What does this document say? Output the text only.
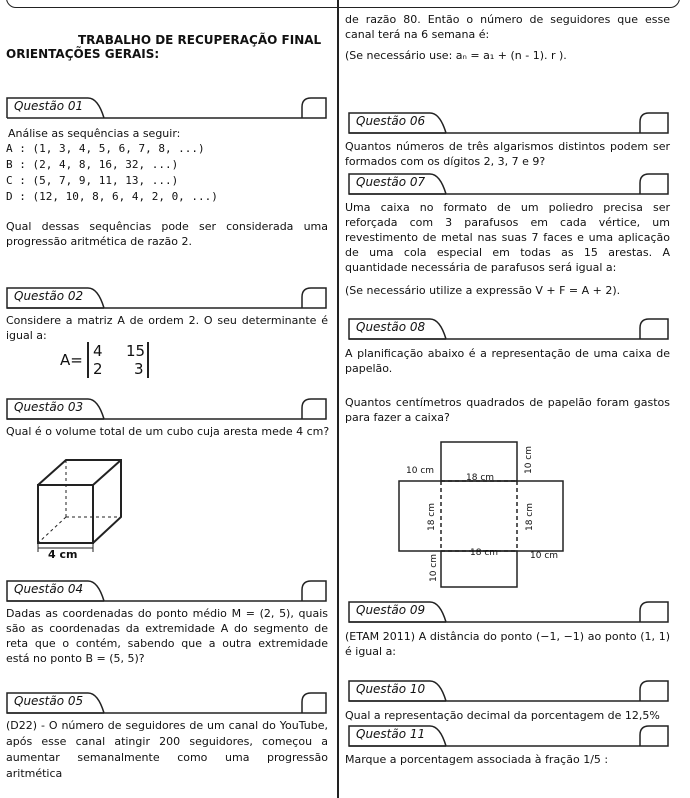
TRABALHO DE RECUPERAÇÃO FINAL
ORIENTAÇÕES GERAIS:
Questão 01
Análise as sequências a seguir:
A : (1, 3, 4, 5, 6, 7, 8, ...)
B : (2, 4, 8, 16, 32, ...)
C : (5, 7, 9, 11, 13, ...)
D : (12, 10, 8, 6, 4, 2, 0, ...)
Qual dessas sequências pode ser considerada uma progressão aritmética de razão 2.
Questão 02
Considere a matriz A de ordem 2. O seu determinante é igual a:
A= 4 15
2 3
Questão 03
Qual é o volume total de um cubo cuja aresta mede 4 cm?
4 cm
Questão 04
Dadas as coordenadas do ponto médio M = (2, 5), quais são as coordenadas da extremidade A do segmento de reta que o contém, sabendo que a outra extremidade está no ponto B = (5, 5)?
Questão 05
(D22) - O número de seguidores de um canal do YouTube, após esse canal atingir 200 seguidores, começou a aumentar semanalmente como uma progressão aritmética
de razão 80. Então o número de seguidores que esse canal terá na 6 semana é:
(Se necessário use: aₙ = a₁ + (n - 1). r ).
Questão 06
Quantos números de três algarismos distintos podem ser formados com os dígitos 2, 3, 7 e 9?
Questão 07
Uma caixa no formato de um poliedro precisa ser reforçada com 3 parafusos em cada vértice, um revestimento de metal nas suas 7 faces e uma aplicação de uma cola especial em todas as 15 arestas. A quantidade necessária de parafusos será igual a:
(Se necessário utilize a expressão V + F = A + 2).
Questão 08
A planificação abaixo é a representação de uma caixa de papelão.
Quantos centímetros quadrados de papelão foram gastos para fazer a caixa?
10 cm
18 cm
10 cm
18 cm	18 cm
18 cm	10 cm
10 cm
Questão 09
(ETAM 2011) A distância do ponto (−1, −1) ao ponto (1, 1) é igual a:
Questão 10
Qual a representação decimal da porcentagem de 12,5%
Questão 11
Marque a porcentagem associada à fração 1/5 :
